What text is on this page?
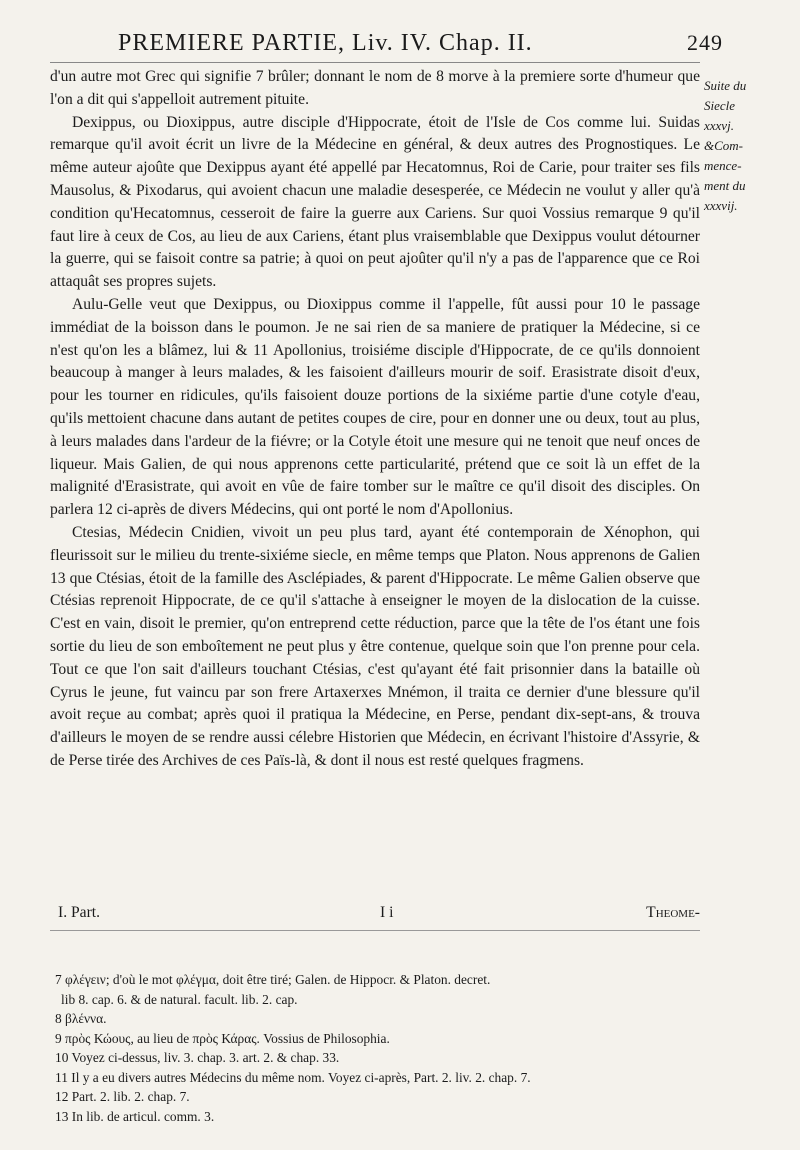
PREMIERE PARTIE, Liv. IV. Chap. II.	249
Suite du
Siecle
xxxvj.
&Com-
mence-
ment du
xxxvij.

d'un autre mot Grec qui signifie 7 brûler; donnant le nom de 8 morve à la premiere sorte d'humeur que l'on a dit qui s'appelloit autrement pituite.

Dexippus, ou Dioxippus, autre disciple d'Hippocrate, étoit de l'Isle de Cos comme lui. Suidas remarque qu'il avoit écrit un livre de la Médecine en général, & deux autres des Prognostiques. Le même auteur ajoûte que Dexippus ayant été appellé par Hecatomnus, Roi de Carie, pour traiter ses fils Mausolus, & Pixodarus, qui avoient chacun une maladie desesperée, ce Médecin ne voulut y aller qu'à condition qu'Hecatomnus, cesseroit de faire la guerre aux Cariens. Sur quoi Vossius remarque 9 qu'il faut lire à ceux de Cos, au lieu de aux Cariens, étant plus vraisemblable que Dexippus voulut détourner la guerre, qui se faisoit contre sa patrie; à quoi on peut ajoûter qu'il n'y a pas de l'apparence que ce Roi attaquât ses propres sujets.

Aulu-Gelle veut que Dexippus, ou Dioxippus comme il l'appelle, fût aussi pour 10 le passage immédiat de la boisson dans le poumon. Je ne sai rien de sa maniere de pratiquer la Médecine, si ce n'est qu'on les a blâmez, lui & 11 Apollonius, troisiéme disciple d'Hippocrate, de ce qu'ils donnoient beaucoup à manger à leurs malades, & les faisoient d'ailleurs mourir de soif. Erasistrate disoit d'eux, pour les tourner en ridicules, qu'ils faisoient douze portions de la sixiéme partie d'une cotyle d'eau, qu'ils mettoient chacune dans autant de petites coupes de cire, pour en donner une ou deux, tout au plus, à leurs malades dans l'ardeur de la fiévre; or la Cotyle étoit une mesure qui ne tenoit que neuf onces de liqueur. Mais Galien, de qui nous apprenons cette particularité, prétend que ce soit là un effet de la malignité d'Erasistrate, qui avoit en vûe de faire tomber sur le maître ce qu'il disoit des disciples. On parlera 12 ci-après de divers Médecins, qui ont porté le nom d'Apollonius.

Ctesias, Médecin Cnidien, vivoit un peu plus tard, ayant été contemporain de Xénophon, qui fleurissoit sur le milieu du trente-sixiéme siecle, en même temps que Platon. Nous apprenons de Galien 13 que Ctésias, étoit de la famille des Asclépiades, & parent d'Hippocrate. Le même Galien observe que Ctésias reprenoit Hippocrate, de ce qu'il s'attache à enseigner le moyen de la dislocation de la cuisse. C'est en vain, disoit le premier, qu'on entreprend cette réduction, parce que la tête de l'os étant une fois sortie du lieu de son emboîtement ne peut plus y être contenue, quelque soin que l'on prenne pour cela. Tout ce que l'on sait d'ailleurs touchant Ctésias, c'est qu'ayant été fait prisonnier dans la bataille où Cyrus le jeune, fut vaincu par son frere Artaxerxes Mnémon, il traita ce dernier d'une blessure qu'il avoit reçue au combat; après quoi il pratiqua la Médecine, en Perse, pendant dix-sept-ans, & trouva d'ailleurs le moyen de se rendre aussi célebre Historien que Médecin, en écrivant l'histoire d'Assyrie, & de Perse tirée des Archives de ces Païs-là, & dont il nous est resté quelques fragmens.

I. Part.	I i	Theome-
7 φλέγειν; d'où le mot φλέγμα, doit être tiré; Galen. de Hippocr. & Platon. decret.
lib 8. cap. 6. & de natural. facult. lib. 2. cap.
8 βλέννα.
9 πρὸς Κώους, au lieu de πρὸς Κάρας. Vossius de Philosophia.
10 Voyez ci-dessus, liv. 3. chap. 3. art. 2. & chap. 33.
11 Il y a eu divers autres Médecins du même nom. Voyez ci-après, Part. 2. liv. 2. chap. 7.
12 Part. 2. lib. 2. chap. 7.
13 In lib. de articul. comm. 3.
